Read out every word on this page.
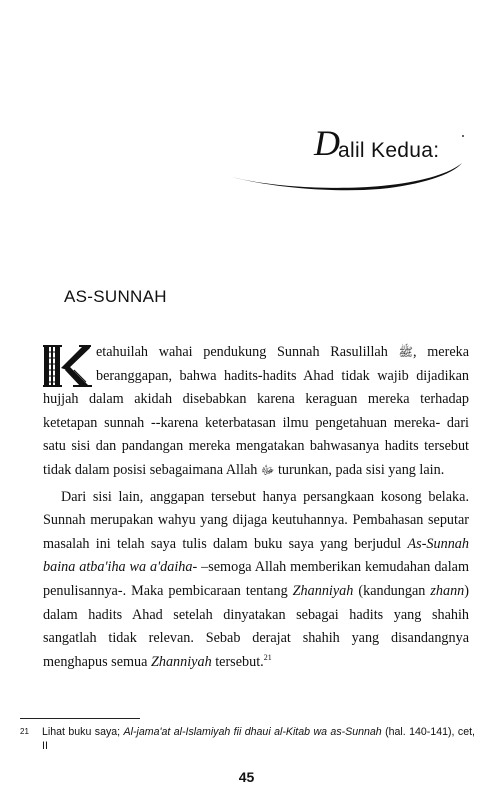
D
alil Kedua:
AS-SUNNAH

etahuilah wahai pendukung Sunnah Rasulillah ﷺ, mereka beranggapan, bahwa hadits-hadits Ahad tidak wajib dijadikan hujjah dalam akidah disebabkan karena keraguan mereka terhadap ketetapan sunnah --karena keterbatasan ilmu pengetahuan mereka- dari satu sisi dan pandangan mereka mengatakan bahwasanya hadits tersebut tidak dalam posisi sebagaimana Allah ﷻ turunkan, pada sisi yang lain.

Dari sisi lain, anggapan tersebut hanya persangkaan kosong belaka. Sunnah merupakan wahyu yang dijaga keutuhannya. Pembahasan seputar masalah ini telah saya tulis dalam buku saya yang berjudul As-Sunnah baina atba'iha wa a'daiha- –semoga Allah memberikan kemudahan dalam penulisannya-. Maka pembicaraan tentang Zhanniyah (kandungan zhann) dalam hadits Ahad setelah dinyatakan sebagai hadits yang shahih sangatlah tidak relevan. Sebab derajat shahih yang disandangnya menghapus semua Zhanniyah tersebut.$^{21}$

21	Lihat buku saya; Al-jama'at al-Islamiyah fii dhaui al-Kitab wa as-Sunnah (hal. 140-141), cet, II
45
